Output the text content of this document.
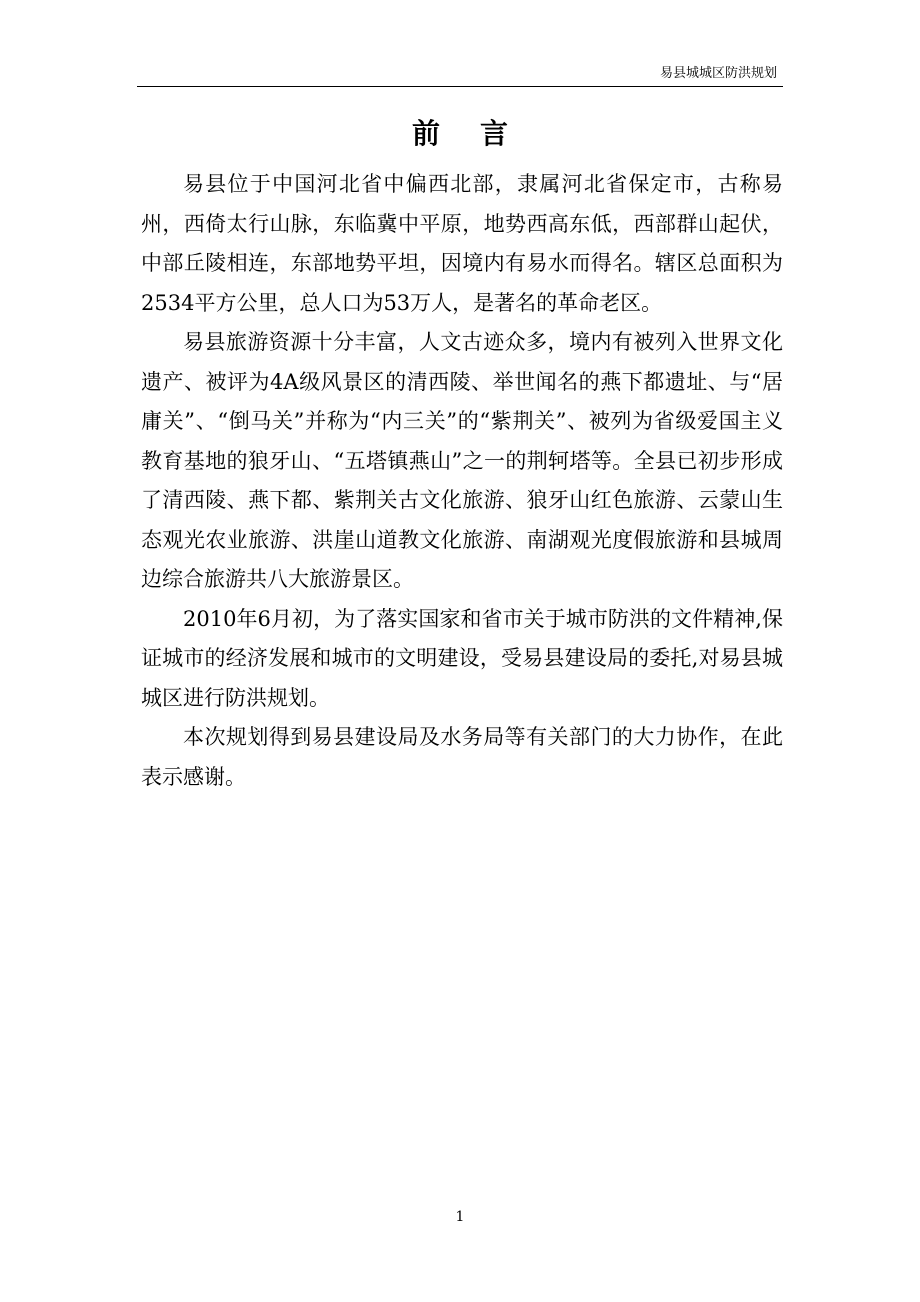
易县城城区防洪规划
前言

易县位于中国河北省中偏西北部，隶属河北省保定市，古称易州，西倚太行山脉，东临冀中平原，地势西高东低，西部群山起伏，中部丘陵相连，东部地势平坦，因境内有易水而得名。辖区总面积为2534平方公里，总人口为53万人，是著名的革命老区。

易县旅游资源十分丰富，人文古迹众多，境内有被列入世界文化遗产、被评为4A级风景区的清西陵、举世闻名的燕下都遗址、与“居庸关”、“倒马关”并称为“内三关”的“紫荆关”、被列为省级爱国主义教育基地的狼牙山、“五塔镇燕山”之一的荆轲塔等。全县已初步形成了清西陵、燕下都、紫荆关古文化旅游、狼牙山红色旅游、云蒙山生态观光农业旅游、洪崖山道教文化旅游、南湖观光度假旅游和县城周边综合旅游共八大旅游景区。

2010年6月初，为了落实国家和省市关于城市防洪的文件精神,保证城市的经济发展和城市的文明建设，受易县建设局的委托,对易县城城区进行防洪规划。

本次规划得到易县建设局及水务局等有关部门的大力协作，在此表示感谢。

1
